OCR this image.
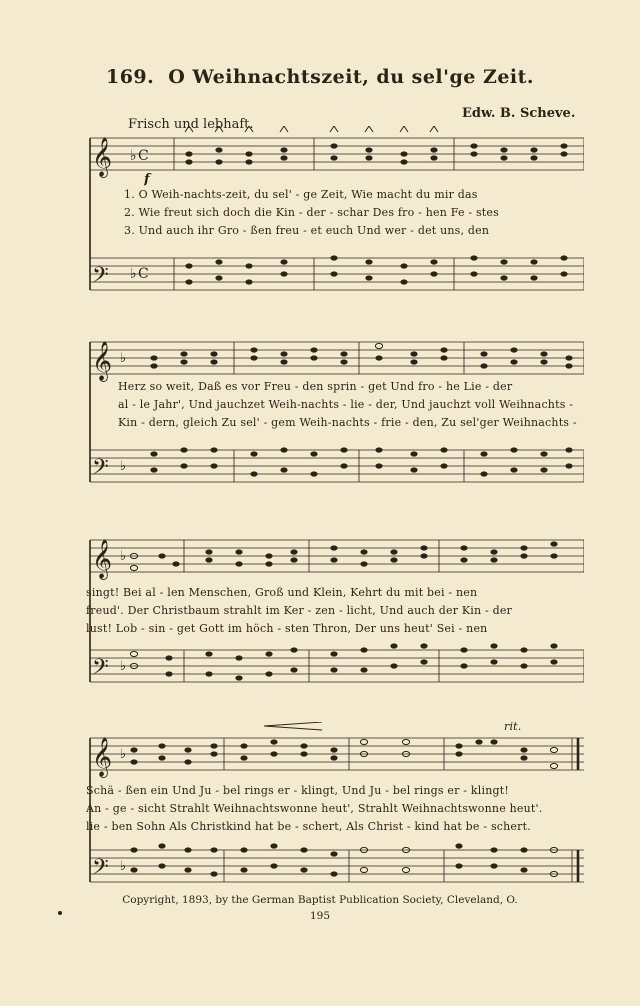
169. O Weihnachtszeit, du sel'ge Zeit.
Frisch und lebhaft.
Edw. B. Scheve.
𝄞
𝄢
♭ C
♭ C
f
1. O Weih-nachts-zeit, du sel' - ge Zeit, Wie macht du mir das
2. Wie freut sich doch die Kin - der - schar Des fro - hen Fe - stes
3. Und auch ihr Gro - ßen freu - et euch Und wer - det uns, den
𝄞
𝄢
♭
♭
Herz so weit, Daß es vor Freu - den sprin - get Und fro - he Lie - der
al - le Jahr', Und jauchzet Weih-nachts - lie - der, Und jauchzt voll Weihnachts -
Kin - dern, gleich Zu sel' - gem Weih-nachts - frie - den, Zu sel'ger Weihnachts -
𝄞
𝄢
♭
♭
singt! Bei al - len Menschen, Groß und Klein, Kehrt du mit bei - nen
freud'. Der Christbaum strahlt im Ker - zen - licht, Und auch der Kin - der
lust! Lob - sin - get Gott im höch - sten Thron, Der uns heut' Sei - nen
𝄞
𝄢
♭
♭
rit.
Schä - ßen ein Und Ju - bel rings er - klingt, Und Ju - bel rings er - klingt!
An - ge - sicht Strahlt Weihnachtswonne heut', Strahlt Weihnachtswonne heut'.
lie - ben Sohn Als Christkind hat be - schert, Als Christ - kind hat be - schert.
Copyright, 1893, by the German Baptist Publication Society, Cleveland, O.
195
